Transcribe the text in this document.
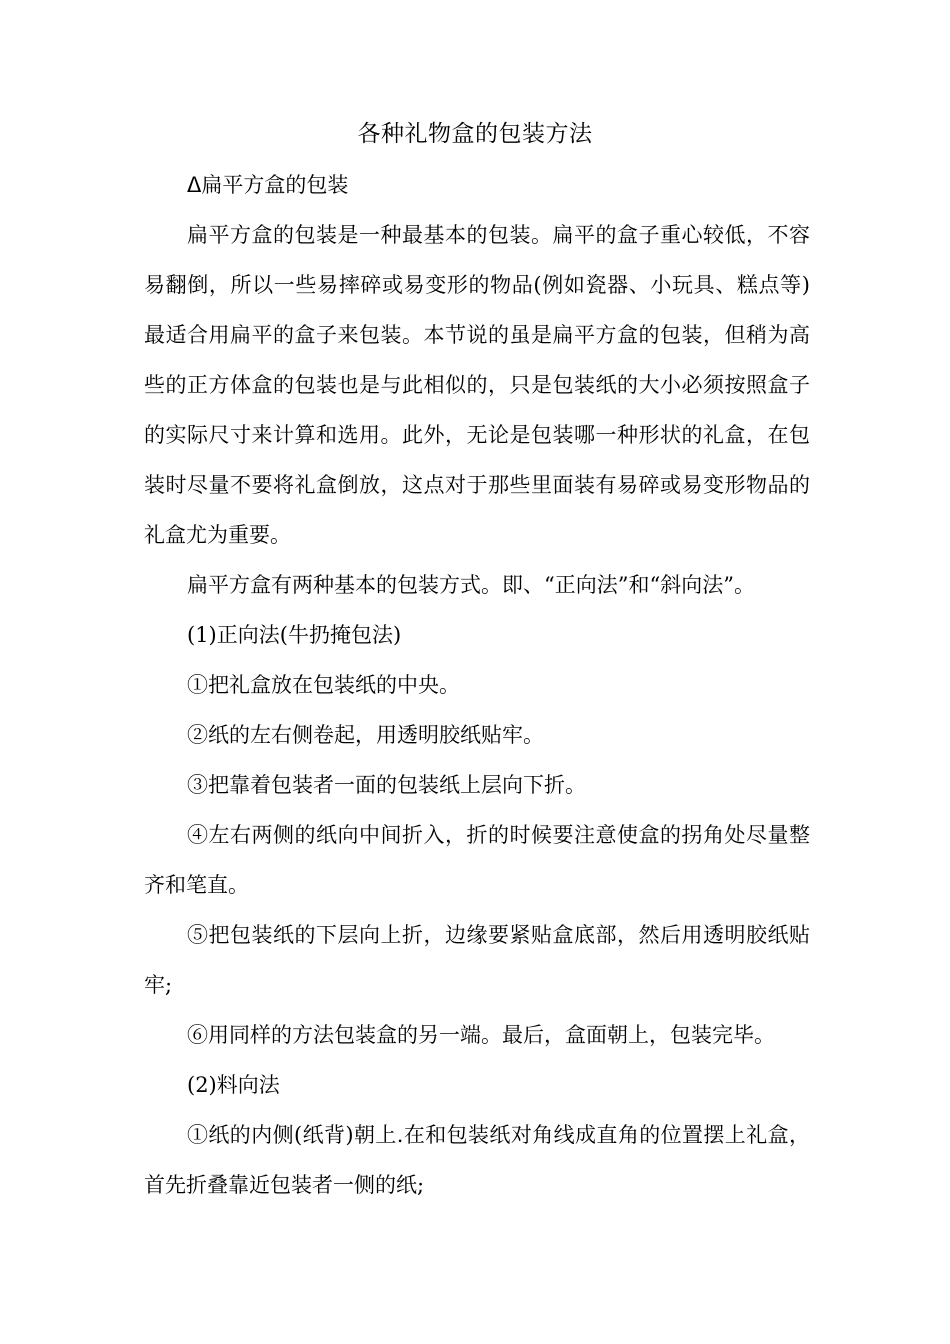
各种礼物盒的包装方法

ᐃ扁平方盒的包装

扁平方盒的包装是一种最基本的包装。扁平的盒子重心较低，不容易翻倒，所以一些易摔碎或易变形的物品(例如瓷器、小玩具、糕点等)最适合用扁平的盒子来包装。本节说的虽是扁平方盒的包装，但稍为高些的正方体盒的包装也是与此相似的，只是包装纸的大小必须按照盒子的实际尺寸来计算和选用。此外，无论是包装哪一种形状的礼盒，在包装时尽量不要将礼盒倒放，这点对于那些里面装有易碎或易变形物品的礼盒尤为重要。

扁平方盒有两种基本的包装方式。即、“正向法”和“斜向法”。

(1)正向法(牛扔掩包法)

①把礼盒放在包装纸的中央。

②纸的左右侧卷起，用透明胶纸贴牢。

③把靠着包装者一面的包装纸上层向下折。

④左右两侧的纸向中间折入，折的时候要注意使盒的拐角处尽量整齐和笔直。

⑤把包装纸的下层向上折，边缘要紧贴盒底部，然后用透明胶纸贴牢;

⑥用同样的方法包装盒的另一端。最后，盒面朝上，包装完毕。

(2)料向法

①纸的内侧(纸背)朝上.在和包装纸对角线成直角的位置摆上礼盒，首先折叠靠近包装者一侧的纸;
